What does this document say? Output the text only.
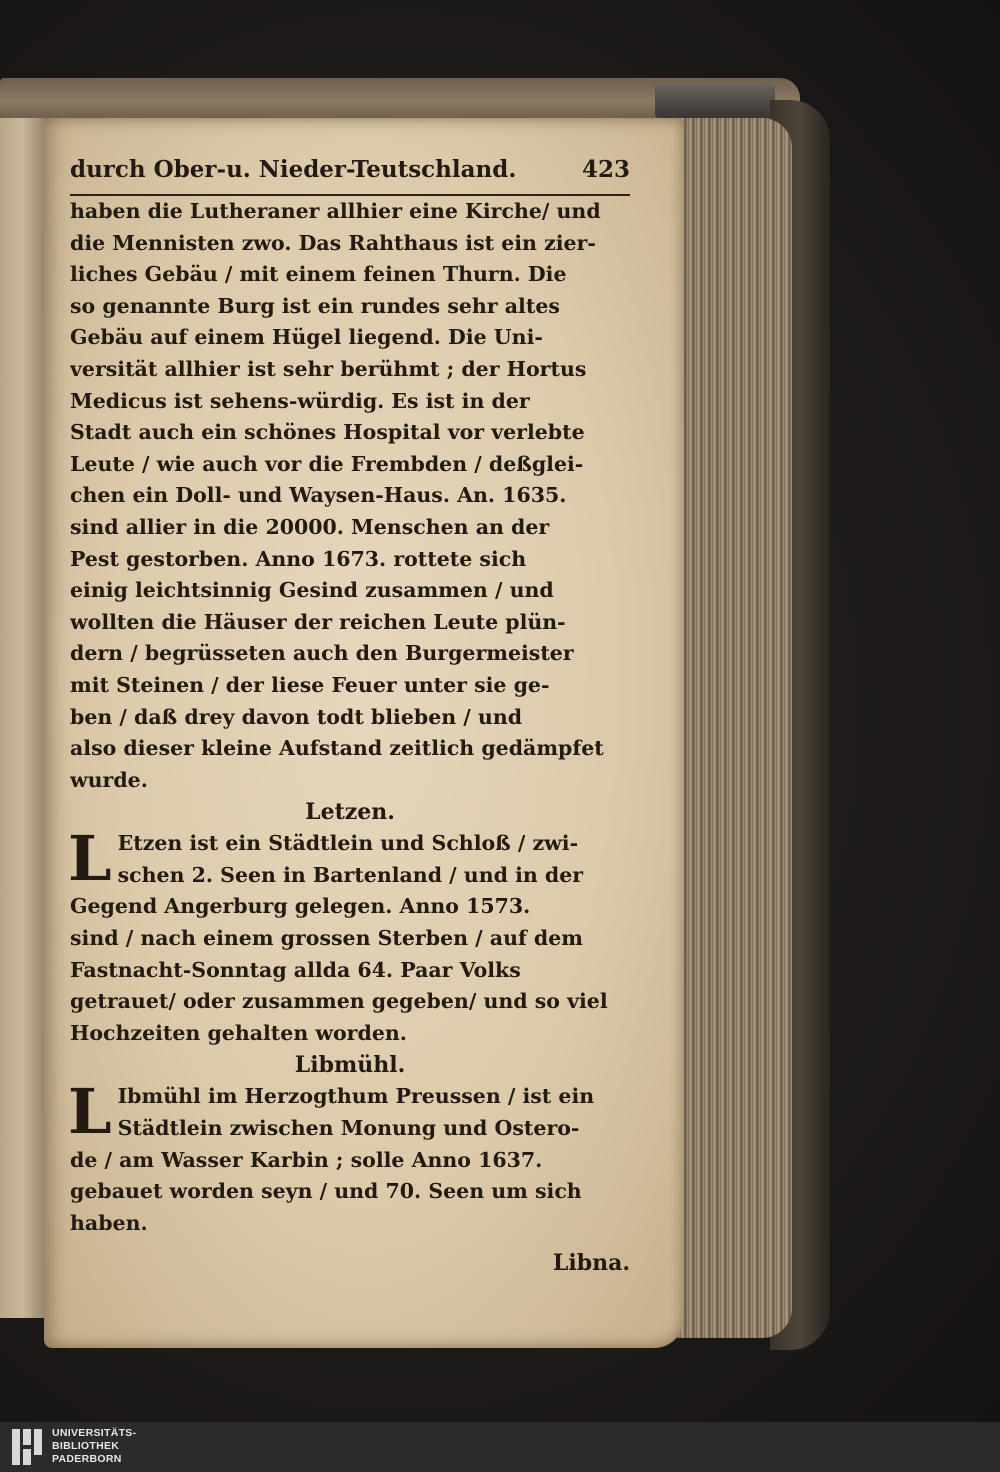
durch Ober-u. Nieder-Teutschland.	423
haben die Lutheraner allhier eine Kirche/ und
die Mennisten zwo. Das Rahthaus ist ein zier-
liches Gebäu / mit einem feinen Thurn. Die
so genannte Burg ist ein rundes sehr altes
Gebäu auf einem Hügel liegend. Die Uni-
versität allhier ist sehr berühmt ; der Hortus
Medicus ist sehens-würdig. Es ist in der
Stadt auch ein schönes Hospital vor verlebte
Leute / wie auch vor die Frembden / deßglei-
chen ein Doll- und Waysen-Haus. An. 1635.
sind allier in die 20000. Menschen an der
Pest gestorben. Anno 1673. rottete sich
einig leichtsinnig Gesind zusammen / und
wollten die Häuser der reichen Leute plün-
dern / begrüsseten auch den Burgermeister
mit Steinen / der liese Feuer unter sie ge-
ben / daß drey davon todt blieben / und
also dieser kleine Aufstand zeitlich gedämpfet
wurde.
Letzen.
L Etzen ist ein Städtlein und Schloß / zwi-
schen 2. Seen in Bartenland / und in der
Gegend Angerburg gelegen. Anno 1573.
sind / nach einem grossen Sterben / auf dem
Fastnacht-Sonntag allda 64. Paar Volks
getrauet/ oder zusammen gegeben/ und so viel
Hochzeiten gehalten worden.
Libmühl.
L Ibmühl im Herzogthum Preussen / ist ein
Städtlein zwischen Monung und Ostero-
de / am Wasser Karbin ; solle Anno 1637.
gebauet worden seyn / und 70. Seen um sich
haben.
Libna.
UNIVERSITÄTS-
BIBLIOTHEK
PADERBORN
